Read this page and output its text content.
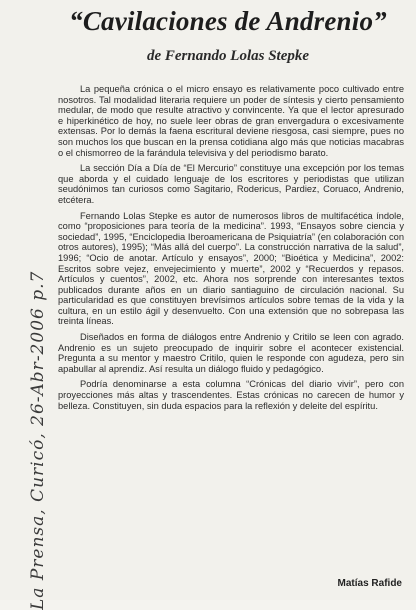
“Cavilaciones de Andrenio”
de Fernando Lolas Stepke

La pequeña crónica o el micro ensayo es relativamente poco cultivado entre nosotros. Tal modalidad literaria requiere un poder de síntesis y cierto pensamiento medular, de modo que resulte atractivo y convincente. Ya que el lector apresurado e hiperkinético de hoy, no suele leer obras de gran envergadura o excesivamente extensas. Por lo demás la faena escritural deviene riesgosa, casi siempre, pues no son muchos los que buscan en la prensa cotidiana algo más que noticias macabras o el chismorreo de la farándula televisiva y del periodismo barato.

La sección Día a Día de “El Mercurio” constituye una excepción por los temas que aborda y el cuidado lenguaje de los escritores y periodistas que utilizan seudónimos tan curiosos como Sagitario, Rodericus, Pardiez, Coruaco, Andrenio, etcétera.

Fernando Lolas Stepke es autor de numerosos libros de multifacética índole, como “proposiciones para teoría de la medicina”. 1993, “Ensayos sobre ciencia y sociedad”, 1995, “Enciclopedia Iberoamericana de Psiquiatría” (en colaboración con otros autores), 1995); “Más allá del cuerpo”. La construcción narrativa de la salud”, 1996; “Ocio de anotar. Artículo y ensayos”, 2000; “Bioética y Medicina”, 2002: Escritos sobre vejez, envejecimiento y muerte”, 2002 y “Recuerdos y repasos. Artículos y cuentos”, 2002, etc. Ahora nos sorprende con interesantes textos publicados durante años en un diario santiaguino de circulación nacional. Su particularidad es que constituyen brevísimos artículos sobre temas de la vida y la cultura, en un estilo ágil y desenvuelto. Con una extensión que no sobrepasa las treinta líneas.

Diseñados en forma de diálogos entre Andrenio y Critilo se leen con agrado. Andrenio es un sujeto preocupado de inquirir sobre el acontecer existencial. Pregunta a su mentor y maestro Critilo, quien le responde con agudeza, pero sin apabullar al aprendiz. Así resulta un diálogo fluido y pedagógico.

Podría denominarse a esta columna “Crónicas del diario vivir”, pero con proyecciones más altas y trascendentes. Estas crónicas no carecen de humor y belleza. Constituyen, sin duda espacios para la reflexión y deleite del espíritu.

Matías Rafide
La Prensa, Curicó, 26-Abr-2006 p.7
